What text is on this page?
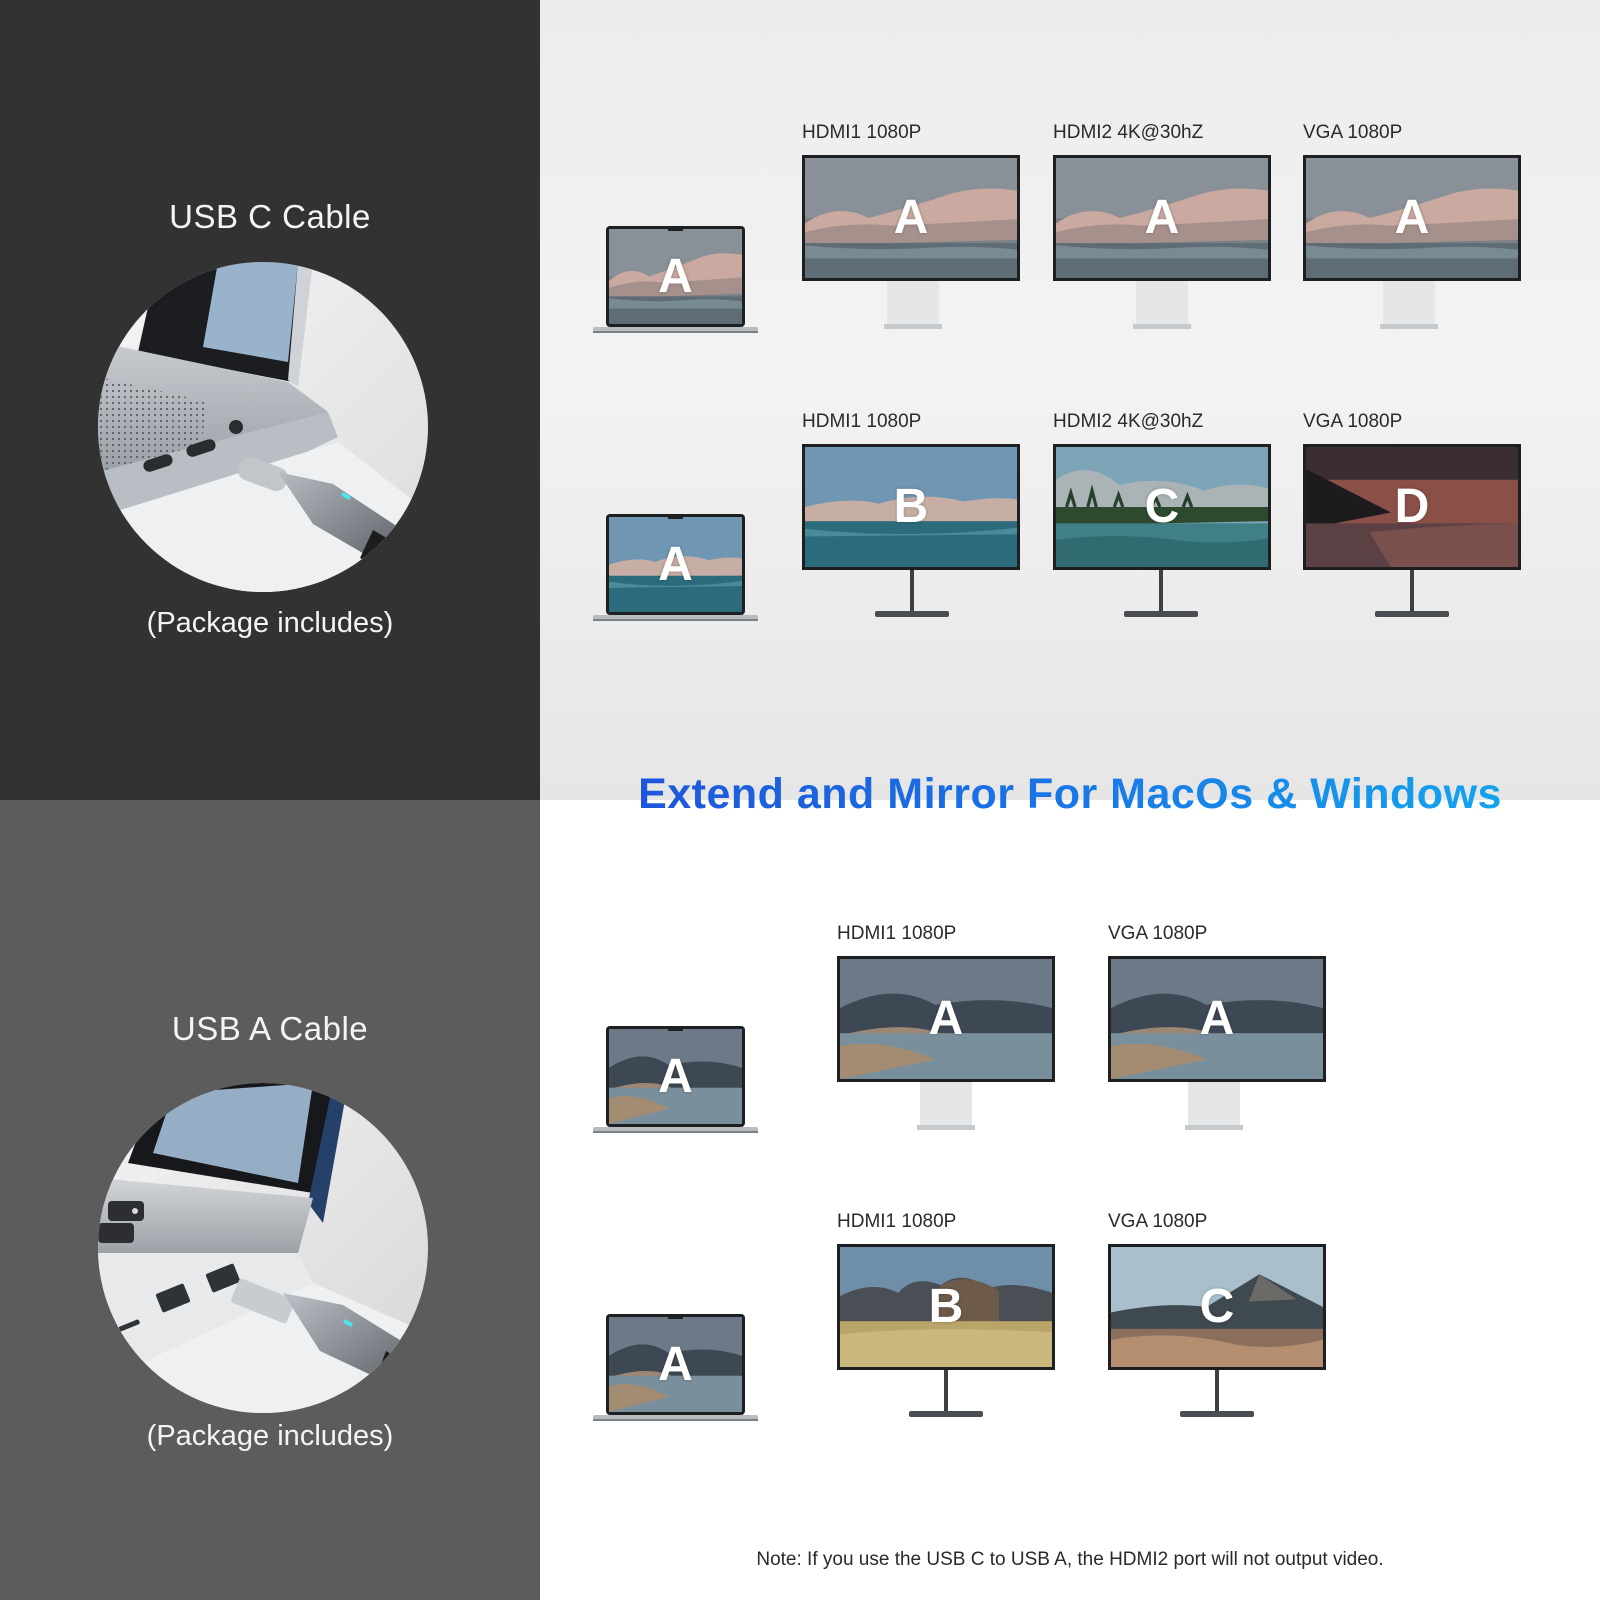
USB C Cable
(Package includes)
USB A Cable
(Package includes)
A
HDMI1 1080P
A
HDMI2 4K@30hZ
A
VGA 1080P
A
A
HDMI1 1080P
B
HDMI2 4K@30hZ
C
VGA 1080P
D
Extend and Mirror For MacOs & Windows
A
HDMI1 1080P
A
VGA 1080P
A
A
HDMI1 1080P
B
VGA 1080P
C
Note: If you use the USB C to USB A, the HDMI2 port will not output video.
